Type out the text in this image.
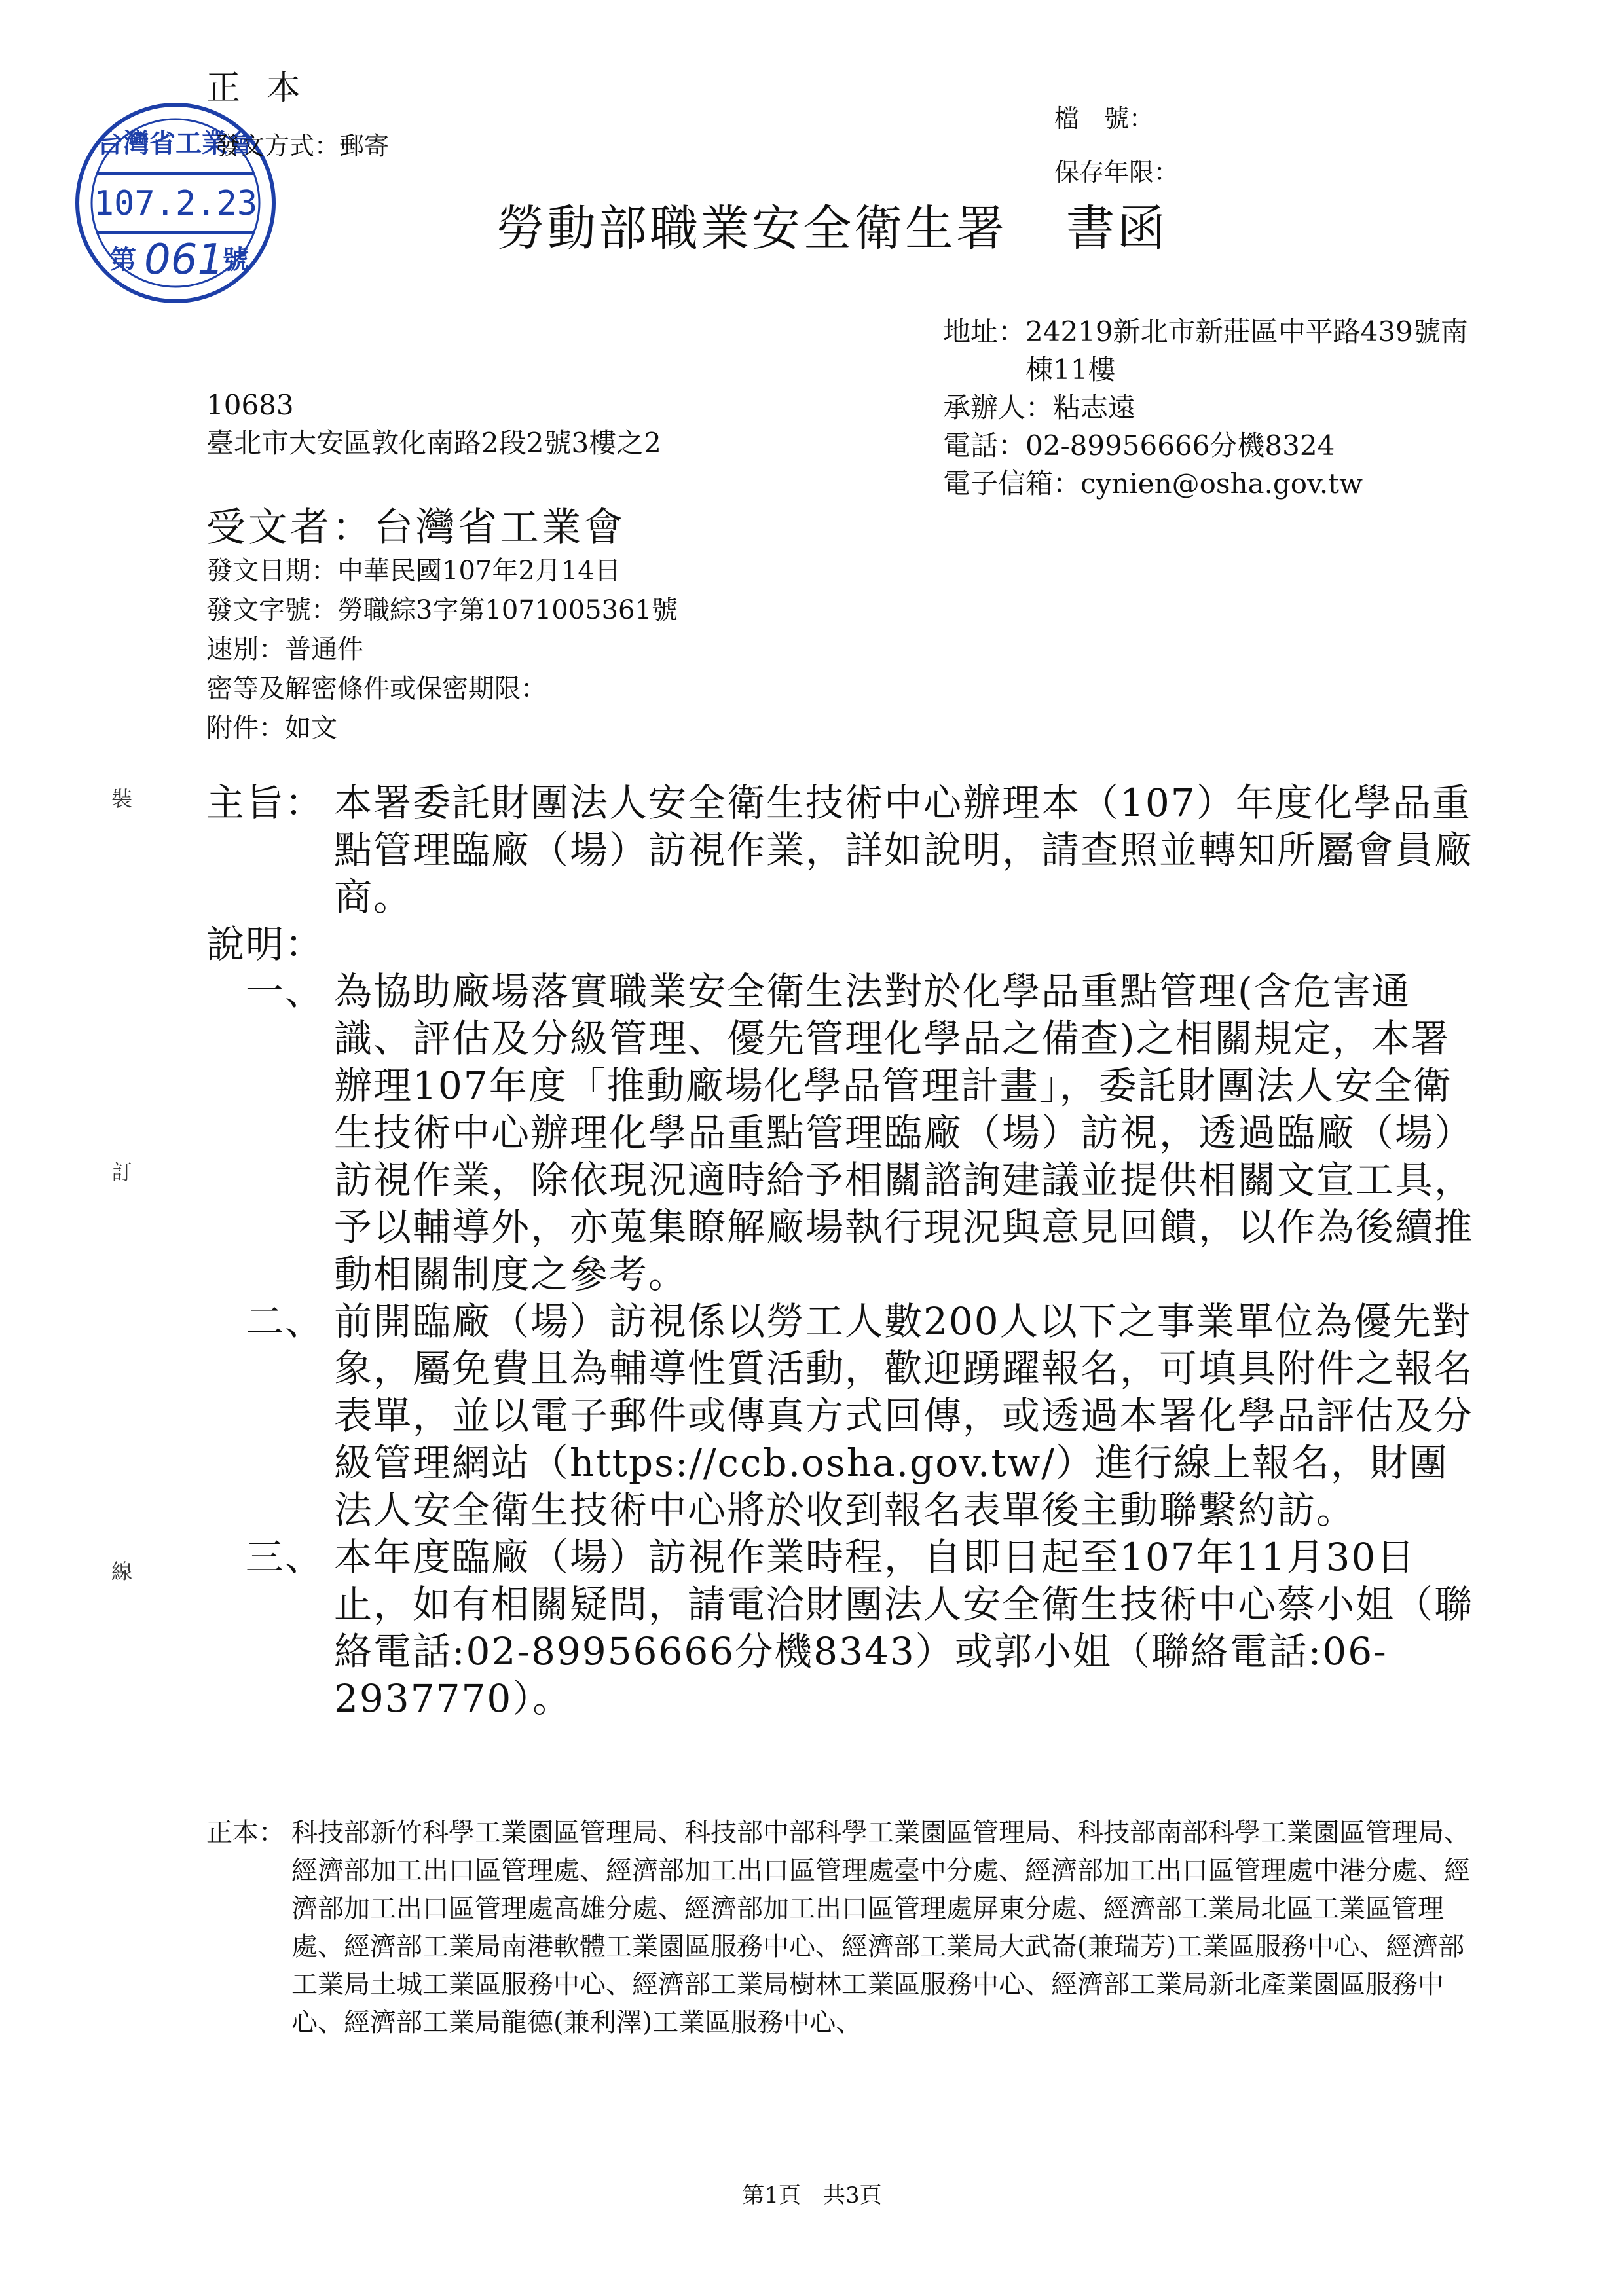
正本
台灣省工業會
107.2.23
第 061
號
發文方式：郵寄
檔　號：
保存年限：
勞動部職業安全衛生署 書函
地址：24219新北市新莊區中平路439號南
　　　棟11樓
承辦人：粘志遠
電話：02-89956666分機8324
電子信箱：cynien@osha.gov.tw
10683
臺北市大安區敦化南路2段2號3樓之2
受文者：台灣省工業會
發文日期：中華民國107年2月14日
發文字號：勞職綜3字第1071005361號
速別：普通件
密等及解密條件或保密期限：
附件：如文
裝
訂
線
主旨： 本署委託財團法人安全衛生技術中心辦理本（107）年度化學品重點管理臨廠（場）訪視作業，詳如說明，請查照並轉知所屬會員廠商。
說明：
一、 為協助廠場落實職業安全衛生法對於化學品重點管理(含危害通識、評估及分級管理、優先管理化學品之備查)之相關規定，本署辦理107年度「推動廠場化學品管理計畫」，委託財團法人安全衛生技術中心辦理化學品重點管理臨廠（場）訪視，透過臨廠（場）訪視作業，除依現況適時給予相關諮詢建議並提供相關文宣工具，予以輔導外，亦蒐集瞭解廠場執行現況與意見回饋，以作為後續推動相關制度之參考。
二、 前開臨廠（場）訪視係以勞工人數200人以下之事業單位為優先對象，屬免費且為輔導性質活動，歡迎踴躍報名，可填具附件之報名表單，並以電子郵件或傳真方式回傳，或透過本署化學品評估及分級管理網站（https://ccb.osha.gov.tw/）進行線上報名，財團法人安全衛生技術中心將於收到報名表單後主動聯繫約訪。
三、 本年度臨廠（場）訪視作業時程，自即日起至107年11月30日止，如有相關疑問，請電洽財團法人安全衛生技術中心蔡小姐（聯絡電話:02-89956666分機8343）或郭小姐（聯絡電話:06-2937770）。
正本： 科技部新竹科學工業園區管理局、科技部中部科學工業園區管理局、科技部南部科學工業園區管理局、經濟部加工出口區管理處、經濟部加工出口區管理處臺中分處、經濟部加工出口區管理處中港分處、經濟部加工出口區管理處高雄分處、經濟部加工出口區管理處屏東分處、經濟部工業局北區工業區管理處、經濟部工業局南港軟體工業園區服務中心、經濟部工業局大武崙(兼瑞芳)工業區服務中心、經濟部工業局土城工業區服務中心、經濟部工業局樹林工業區服務中心、經濟部工業局新北產業園區服務中心、經濟部工業局龍德(兼利澤)工業區服務中心、
第1頁　共3頁
